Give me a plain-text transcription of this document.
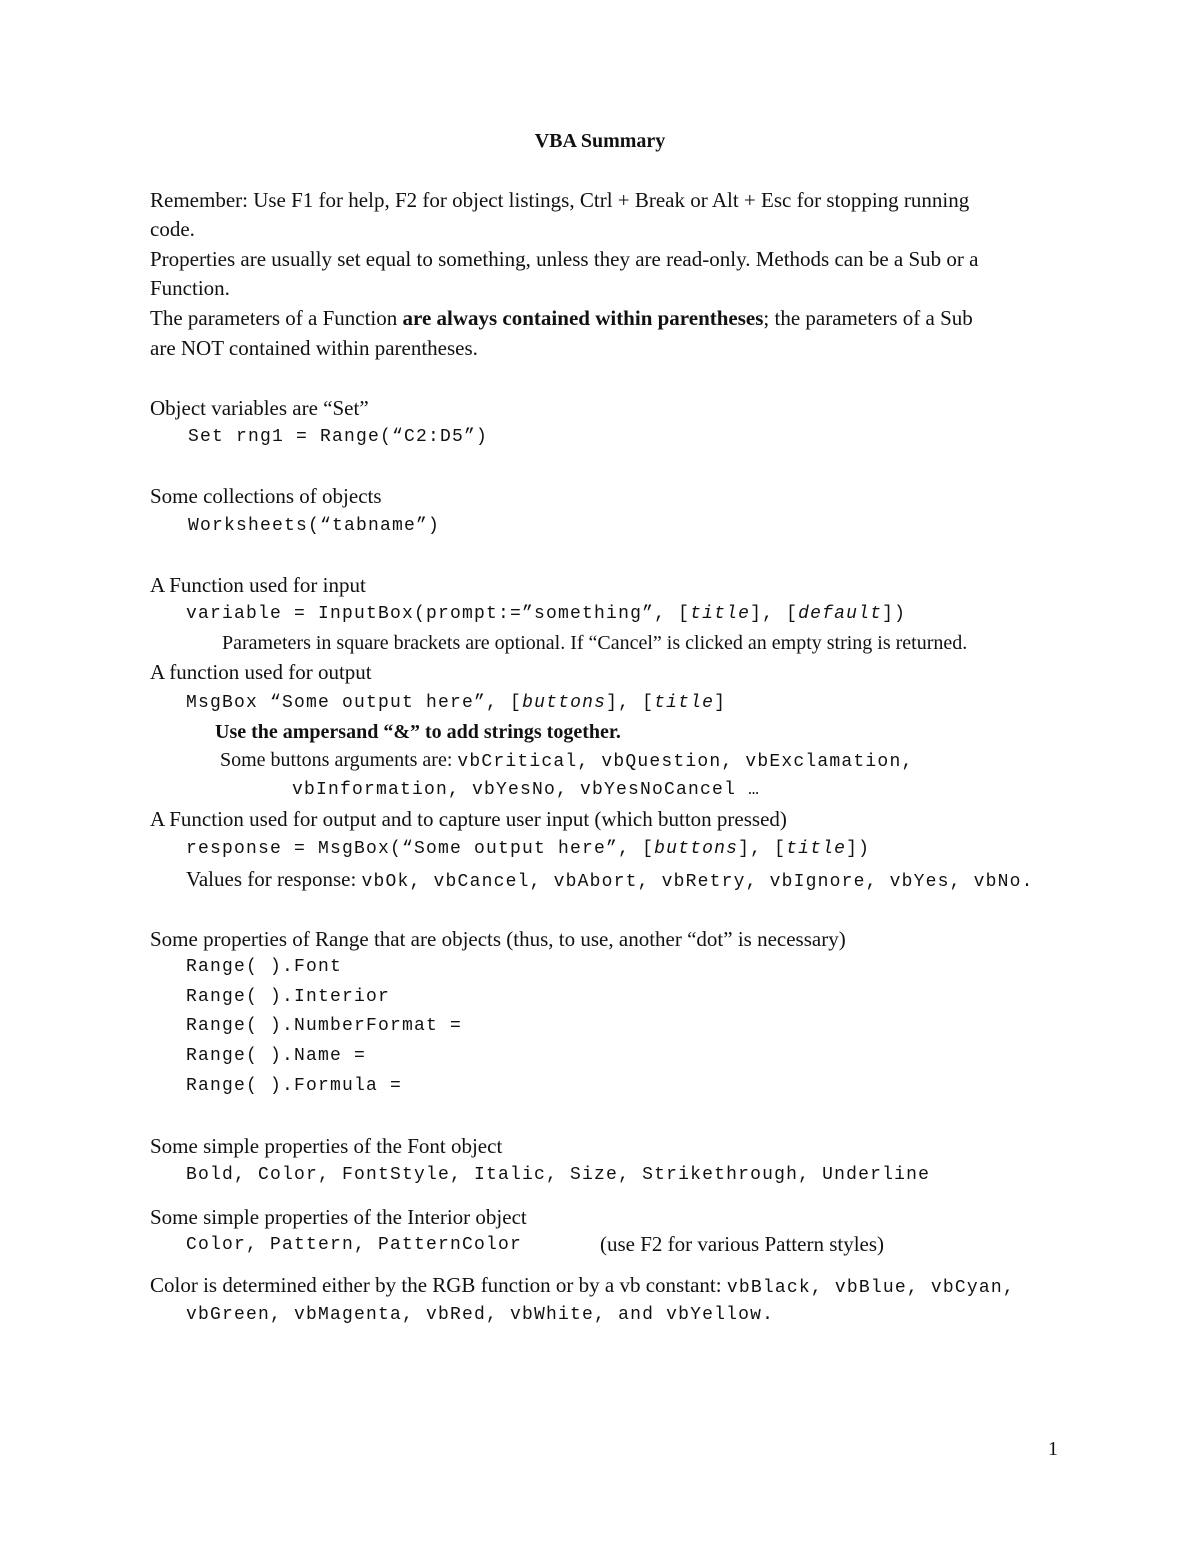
VBA Summary
Remember: Use F1 for help, F2 for object listings, Ctrl + Break or Alt + Esc for stopping running
code.
Properties are usually set equal to something, unless they are read-only. Methods can be a Sub or a
Function.
The parameters of a Function are always contained within parentheses; the parameters of a Sub
are NOT contained within parentheses.
Object variables are “Set”
Set rng1 = Range(“C2:D5”)
Some collections of objects
Worksheets(“tabname”)
A Function used for input
variable = InputBox(prompt:=”something”, [title], [default])
Parameters in square brackets are optional. If “Cancel” is clicked an empty string is returned.
A function used for output
MsgBox “Some output here”, [buttons], [title]
Use the ampersand “&” to add strings together.
Some buttons arguments are: vbCritical, vbQuestion, vbExclamation,
vbInformation, vbYesNo, vbYesNoCancel …
A Function used for output and to capture user input (which button pressed)
response = MsgBox(“Some output here”, [buttons], [title])
Values for response: vbOk, vbCancel, vbAbort, vbRetry, vbIgnore, vbYes, vbNo.
Some properties of Range that are objects (thus, to use, another “dot” is necessary)
Range( ).Font
Range( ).Interior
Range( ).NumberFormat =
Range( ).Name =
Range( ).Formula =
Some simple properties of the Font object
Bold, Color, FontStyle, Italic, Size, Strikethrough, Underline
Some simple properties of the Interior object
Color, Pattern, PatternColor	(use F2 for various Pattern styles)
Color is determined either by the RGB function or by a vb constant: vbBlack, vbBlue, vbCyan,
vbGreen, vbMagenta, vbRed, vbWhite, and vbYellow.
1
